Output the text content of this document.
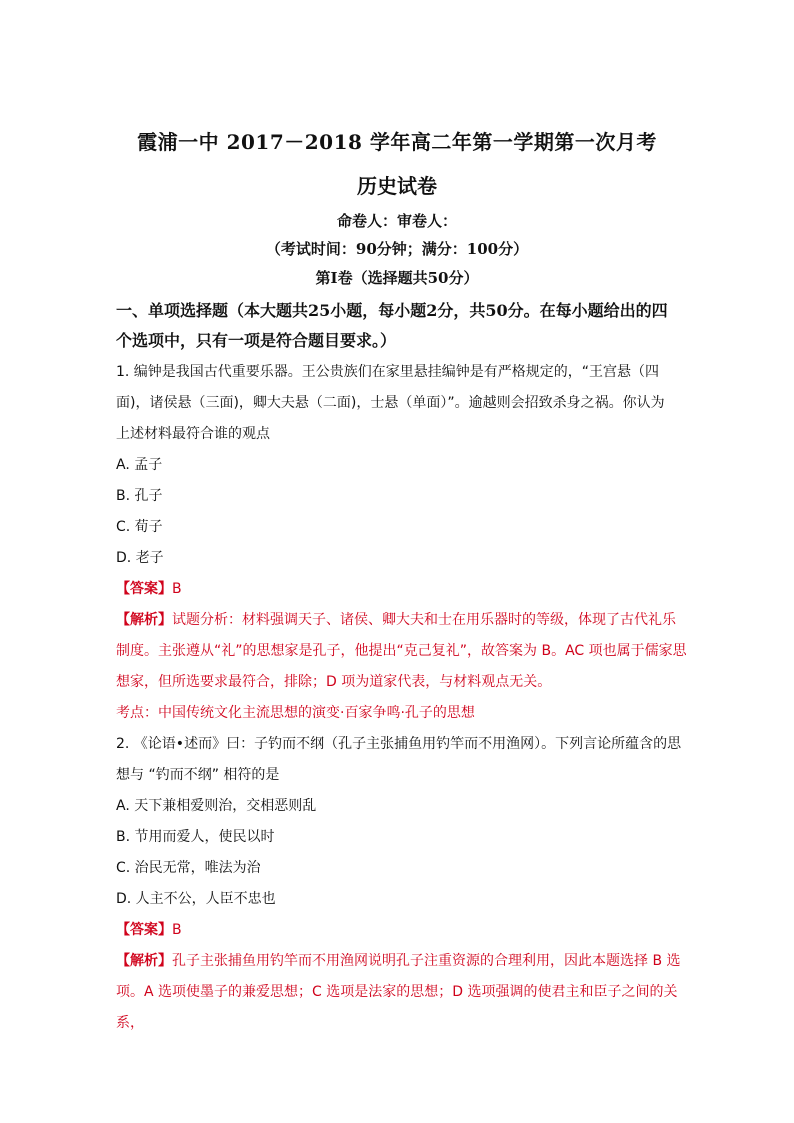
霞浦一中 2017－2018 学年高二年第一学期第一次月考
历史试卷
命卷人：审卷人：
（考试时间：90分钟；满分：100分）
第Ⅰ卷（选择题共50分）
一、单项选择题（本大题共25小题，每小题2分，共50分。在每小题给出的四
个选项中，只有一项是符合题目要求。）

1. 编钟是我国古代重要乐器。王公贵族们在家里悬挂编钟是有严格规定的，“王宫悬（四

面)，诸侯悬（三面)，卿大夫悬（二面)，士悬（单面）”。逾越则会招致杀身之祸。你认为

上述材料最符合谁的观点

A. 孟子

B. 孔子

C. 荀子

D. 老子

【答案】B

【解析】试题分析：材料强调天子、诸侯、卿大夫和士在用乐器时的等级，体现了古代礼乐

制度。主张遵从“礼”的思想家是孔子，他提出“克己复礼”，故答案为 B。AC 项也属于儒家思

想家，但所选要求最符合，排除；D 项为道家代表，与材料观点无关。

考点：中国传统文化主流思想的演变·百家争鸣·孔子的思想

2. 《论语•述而》曰：子钓而不纲（孔子主张捕鱼用钓竿而不用渔网）。下列言论所蕴含的思

想与 “钓而不纲” 相符的是

A. 天下兼相爱则治，交相恶则乱

B. 节用而爱人，使民以时

C. 治民无常，唯法为治

D. 人主不公，人臣不忠也

【答案】B

【解析】孔子主张捕鱼用钓竿而不用渔网说明孔子注重资源的合理利用，因此本题选择 B 选

项。A 选项使墨子的兼爱思想；C 选项是法家的思想；D 选项强调的使君主和臣子之间的关系，
